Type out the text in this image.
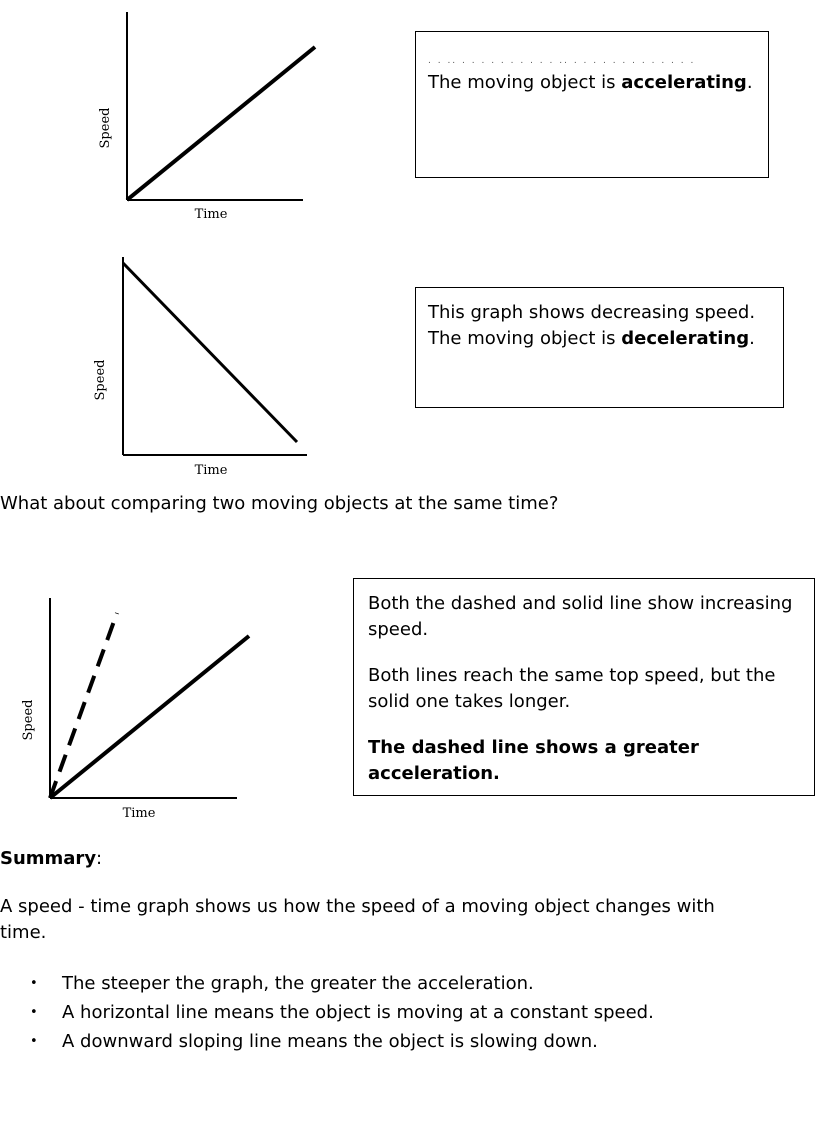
Speed
Time
. . .. . . . . . . . . . . .. . . . . . . . . . . . . .

The moving object is accelerating.

Speed
Time

This graph shows decreasing speed.

The moving object is decelerating.

What about comparing two moving objects at the same time?
Speed
Time

Both the dashed and solid line show increasing speed.

Both lines reach the same top speed, but the solid one takes longer.

The dashed line shows a greater acceleration.

Summary:
A speed - time graph shows us how the speed of a moving object changes with time.
• The steeper the graph, the greater the acceleration.
• A horizontal line means the object is moving at a constant speed.
• A downward sloping line means the object is slowing down.
